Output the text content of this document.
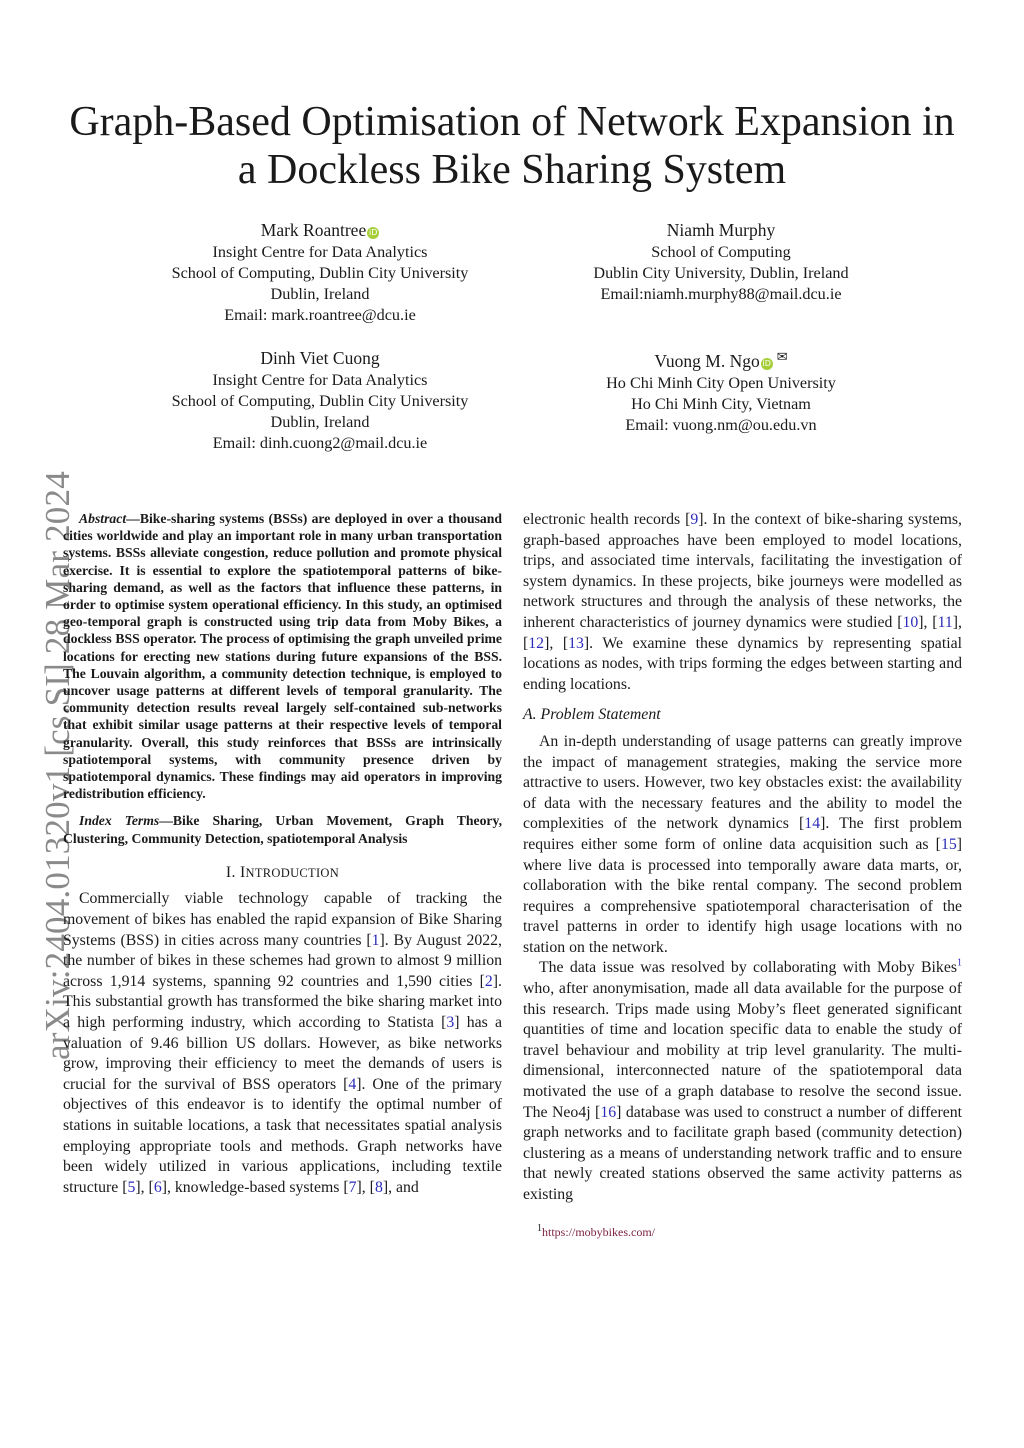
arXiv:2404.01320v1 [cs.SI] 28 Mar 2024
Graph-Based Optimisation of Network Expansion in
a Dockless Bike Sharing System
Mark Roantree iD
Insight Centre for Data Analytics
School of Computing, Dublin City University
Dublin, Ireland
Email: mark.roantree@dcu.ie
Niamh Murphy
School of Computing
Dublin City University, Dublin, Ireland
Email:niamh.murphy88@mail.dcu.ie
Dinh Viet Cuong
Insight Centre for Data Analytics
School of Computing, Dublin City University
Dublin, Ireland
Email: dinh.cuong2@mail.dcu.ie
Vuong M. Ngo iD ✉
Ho Chi Minh City Open University
Ho Chi Minh City, Vietnam
Email: vuong.nm@ou.edu.vn

Abstract—Bike-sharing systems (BSSs) are deployed in over a thousand cities worldwide and play an important role in many urban transportation systems. BSSs alleviate congestion, reduce pollution and promote physical exercise. It is essential to explore the spatiotemporal patterns of bike-sharing demand, as well as the factors that influence these patterns, in order to optimise system operational efficiency. In this study, an optimised geo-temporal graph is constructed using trip data from Moby Bikes, a dockless BSS operator. The process of optimising the graph unveiled prime locations for erecting new stations during future expansions of the BSS. The Louvain algorithm, a community detection technique, is employed to uncover usage patterns at different levels of temporal granularity. The community detection results reveal largely self-contained sub-networks that exhibit similar usage patterns at their respective levels of temporal granularity. Overall, this study reinforces that BSSs are intrinsically spatiotemporal systems, with community presence driven by spatiotemporal dynamics. These findings may aid operators in improving redistribution efficiency.

Index Terms—Bike Sharing, Urban Movement, Graph Theory, Clustering, Community Detection, spatiotemporal Analysis

I. INTRODUCTION

Commercially viable technology capable of tracking the movement of bikes has enabled the rapid expansion of Bike Sharing Systems (BSS) in cities across many countries [1]. By August 2022, the number of bikes in these schemes had grown to almost 9 million across 1,914 systems, spanning 92 countries and 1,590 cities [2]. This substantial growth has transformed the bike sharing market into a high performing industry, which according to Statista [3] has a valuation of 9.46 billion US dollars. However, as bike networks grow, improving their efficiency to meet the demands of users is crucial for the survival of BSS operators [4]. One of the primary objectives of this endeavor is to identify the optimal number of stations in suitable locations, a task that necessitates spatial analysis employing appropriate tools and methods. Graph networks have been widely utilized in various applications, including textile structure [5], [6], knowledge-based systems [7], [8], and

electronic health records [9]. In the context of bike-sharing systems, graph-based approaches have been employed to model locations, trips, and associated time intervals, facilitating the investigation of system dynamics. In these projects, bike journeys were modelled as network structures and through the analysis of these networks, the inherent characteristics of journey dynamics were studied [10], [11], [12], [13]. We examine these dynamics by representing spatial locations as nodes, with trips forming the edges between starting and ending locations.

A. Problem Statement

An in-depth understanding of usage patterns can greatly improve the impact of management strategies, making the service more attractive to users. However, two key obstacles exist: the availability of data with the necessary features and the ability to model the complexities of the network dynamics [14]. The first problem requires either some form of online data acquisition such as [15] where live data is processed into temporally aware data marts, or, collaboration with the bike rental company. The second problem requires a comprehensive spatiotemporal characterisation of the travel patterns in order to identify high usage locations with no station on the network.

The data issue was resolved by collaborating with Moby Bikes$^1$ who, after anonymisation, made all data available for the purpose of this research. Trips made using Moby’s fleet generated significant quantities of time and location specific data to enable the study of travel behaviour and mobility at trip level granularity. The multi-dimensional, interconnected nature of the spatiotemporal data motivated the use of a graph database to resolve the second issue. The Neo4j [16] database was used to construct a number of different graph networks and to facilitate graph based (community detection) clustering as a means of understanding network traffic and to ensure that newly created stations observed the same activity patterns as existing

$^1$https://mobybikes.com/
